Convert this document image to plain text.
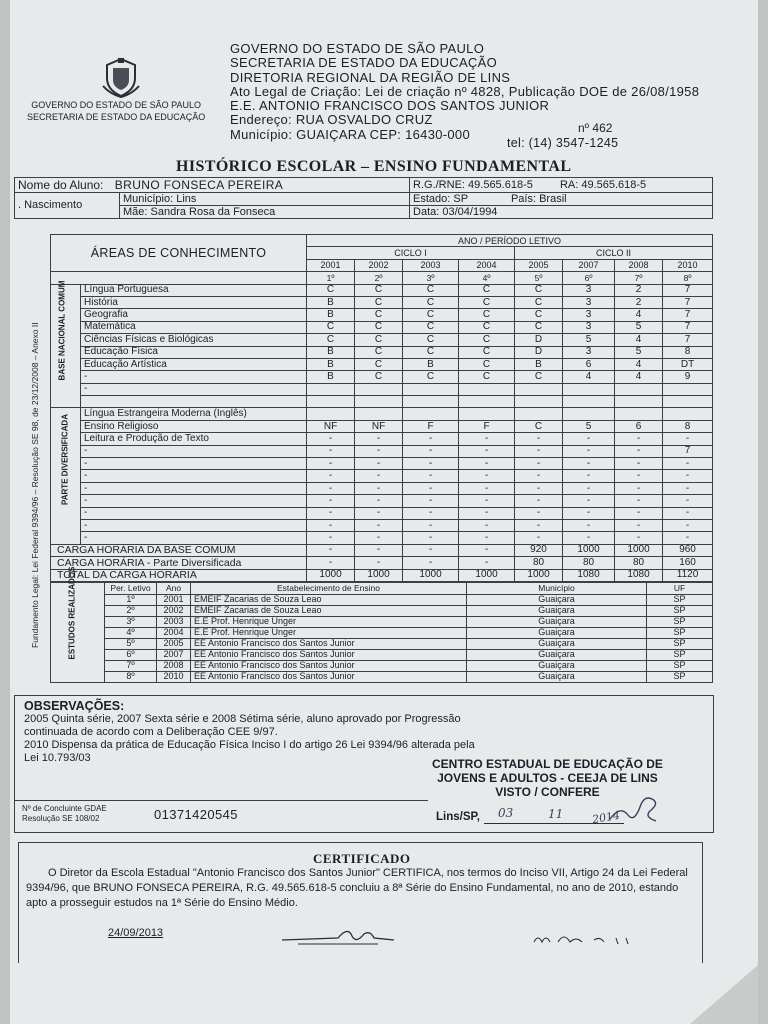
GOVERNO DO ESTADO DE SÃO PAULO
SECRETARIA DE ESTADO DA EDUCAÇÃO
GOVERNO DO ESTADO DE SÃO PAULO
SECRETARIA DE ESTADO DA EDUCAÇÃO
DIRETORIA REGIONAL DA REGIÃO DE LINS
Ato Legal de Criação: Lei de criação nº 4828, Publicação DOE de 26/08/1958
E.E. ANTONIO FRANCISCO DOS SANTOS JUNIOR
Endereço: RUA OSVALDO CRUZ
Município: GUAIÇARA CEP: 16430-000	nº 462
tel: (14) 3547-1245
HISTÓRICO ESCOLAR – ENSINO FUNDAMENTAL
Fundamento Legal: Lei Federal 9394/96 – Resolução SE 98, de 23/12/2008 – Anexo II
Nome do Aluno: BRUNO FONSECA PEREIRA		R.G./RNE: 49.565.618-5 RA: 49.565.618-5
. Nascimento	Município: Lins	Estado: SP País: Brasil
	Mãe: Sandra Rosa da Fonseca	Data: 03/04/1994
ÁREAS DE CONHECIMENTO		ANO / PERÍODO LETIVO							
		CICLO I				CICLO II			
		2001	2002	2003	2004	2005	2007	2008	2010
		1º	2º	3º	4º	5º	6º	7º	8º
	Língua Portuguesa	C	C	C	C	C	3	2	7
	História	B	C	C	C	C	3	2	7
	Geografia	B	C	C	C	C	3	4	7
	Matemática	C	C	C	C	C	3	5	7
	Ciências Físicas e Biológicas	C	C	C	C	D	5	4	7
	Educação Física	B	C	C	C	D	3	5	8
	Educação Artística	B	C	B	C	B	6	4	DT
	-	B	C	C	C	C	4	4	9
	-								

	Língua Estrangeira Moderna (Inglês)								
	Ensino Religioso	NF	NF	F	F	C	5	6	8
	Leitura e Produção de Texto	-	-	-	-	-	-	-	-
	-	-	-	-	-	-	-	-	7
	-	-	-	-	-	-	-	-	-
	-	-	-	-	-	-	-	-	-
	-	-	-	-	-	-	-	-	-
	-	-	-	-	-	-	-	-	-
	-	-	-	-	-	-	-	-	-
	-	-	-	-	-	-	-	-	-
	-	-	-	-	-	-	-	-	-
CARGA HORÁRIA DA BASE COMUM		-	-	-	-	920	1000	1000	960
CARGA HORÁRIA - Parte Diversificada		-	-	-	-	80	80	80	160
TOTAL DA CARGA HORÁRIA		1000	1000	1000	1000	1000	1080	1080	1120
	Per. Letivo	Ano	Estabelecimento de Ensino	Município	UF
	1º	2001	EMEIF Zacarias de Souza Leao	Guaiçara	SP
	2º	2002	EMEIF Zacarias de Souza Leao	Guaiçara	SP
	3º	2003	E.E Prof. Henrique Unger	Guaiçara	SP
	4º	2004	E.E Prof. Henrique Unger	Guaiçara	SP
	5º	2005	EE Antonio Francisco dos Santos Junior	Guaiçara	SP
	6º	2007	EE Antonio Francisco dos Santos Junior	Guaiçara	SP
	7º	2008	EE Antonio Francisco dos Santos Junior	Guaiçara	SP
	8º	2010	EE Antonio Francisco dos Santos Junior	Guaiçara	SP
OBSERVAÇÕES:
2005 Quinta série, 2007 Sexta série e 2008 Sétima série, aluno aprovado por Progressão
continuada de acordo com a Deliberação CEE 9/97.
2010 Dispensa da prática de Educação Física Inciso I do artigo 26 Lei 9394/96 alterada pela
Lei 10.793/03	CENTRO ESTADUAL DE EDUCAÇÃO DE
JOVENS E ADULTOS - CEEJA DE LINS
VISTO / CONFERE
Lins/SP, 03	11	2014
Nº de Concluinte GDAE
Resolução SE 108/02	01371420545
CERTIFICADO
O Diretor da Escola Estadual "Antonio Francisco dos Santos Junior" CERTIFICA, nos termos do Inciso VII, Artigo 24 da Lei Federal 9394/96, que BRUNO FONSECA PEREIRA, R.G. 49.565.618-5 concluiu a 8ª Série do Ensino Fundamental, no ano de 2010, estando apto a prosseguir estudos na 1ª Série do Ensino Médio.
24/09/2013
BASE NACIONAL COMUM
PARTE DIVERSIFICADA
ESTUDOS REALIZADOS
